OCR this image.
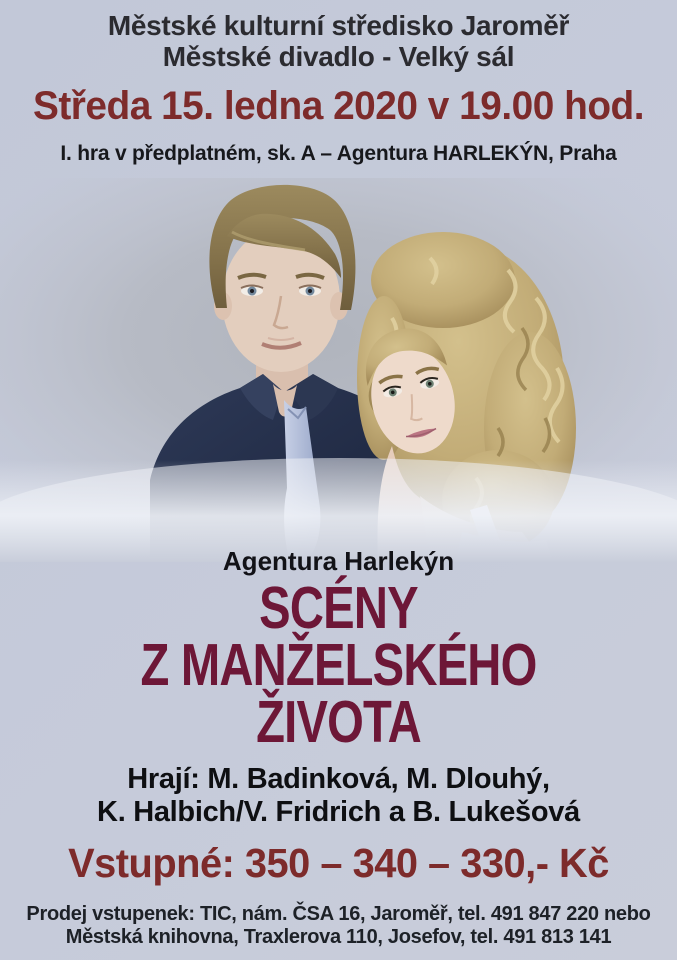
Městské kulturní středisko Jaroměř
Městské divadlo - Velký sál
Středa 15. ledna 2020 v 19.00 hod.
I. hra v předplatném, sk. A – Agentura HARLEKÝN, Praha
Agentura Harlekýn
SCÉNY
Z MANŽELSKÉHO
ŽIVOTA
Hrají: M. Badinková, M. Dlouhý,
K. Halbich/V. Fridrich a B. Lukešová
Vstupné: 350 – 340 – 330,- Kč
Prodej vstupenek: TIC, nám. ČSA 16, Jaroměř, tel. 491 847 220 nebo
Městská knihovna, Traxlerova 110, Josefov, tel. 491 813 141
